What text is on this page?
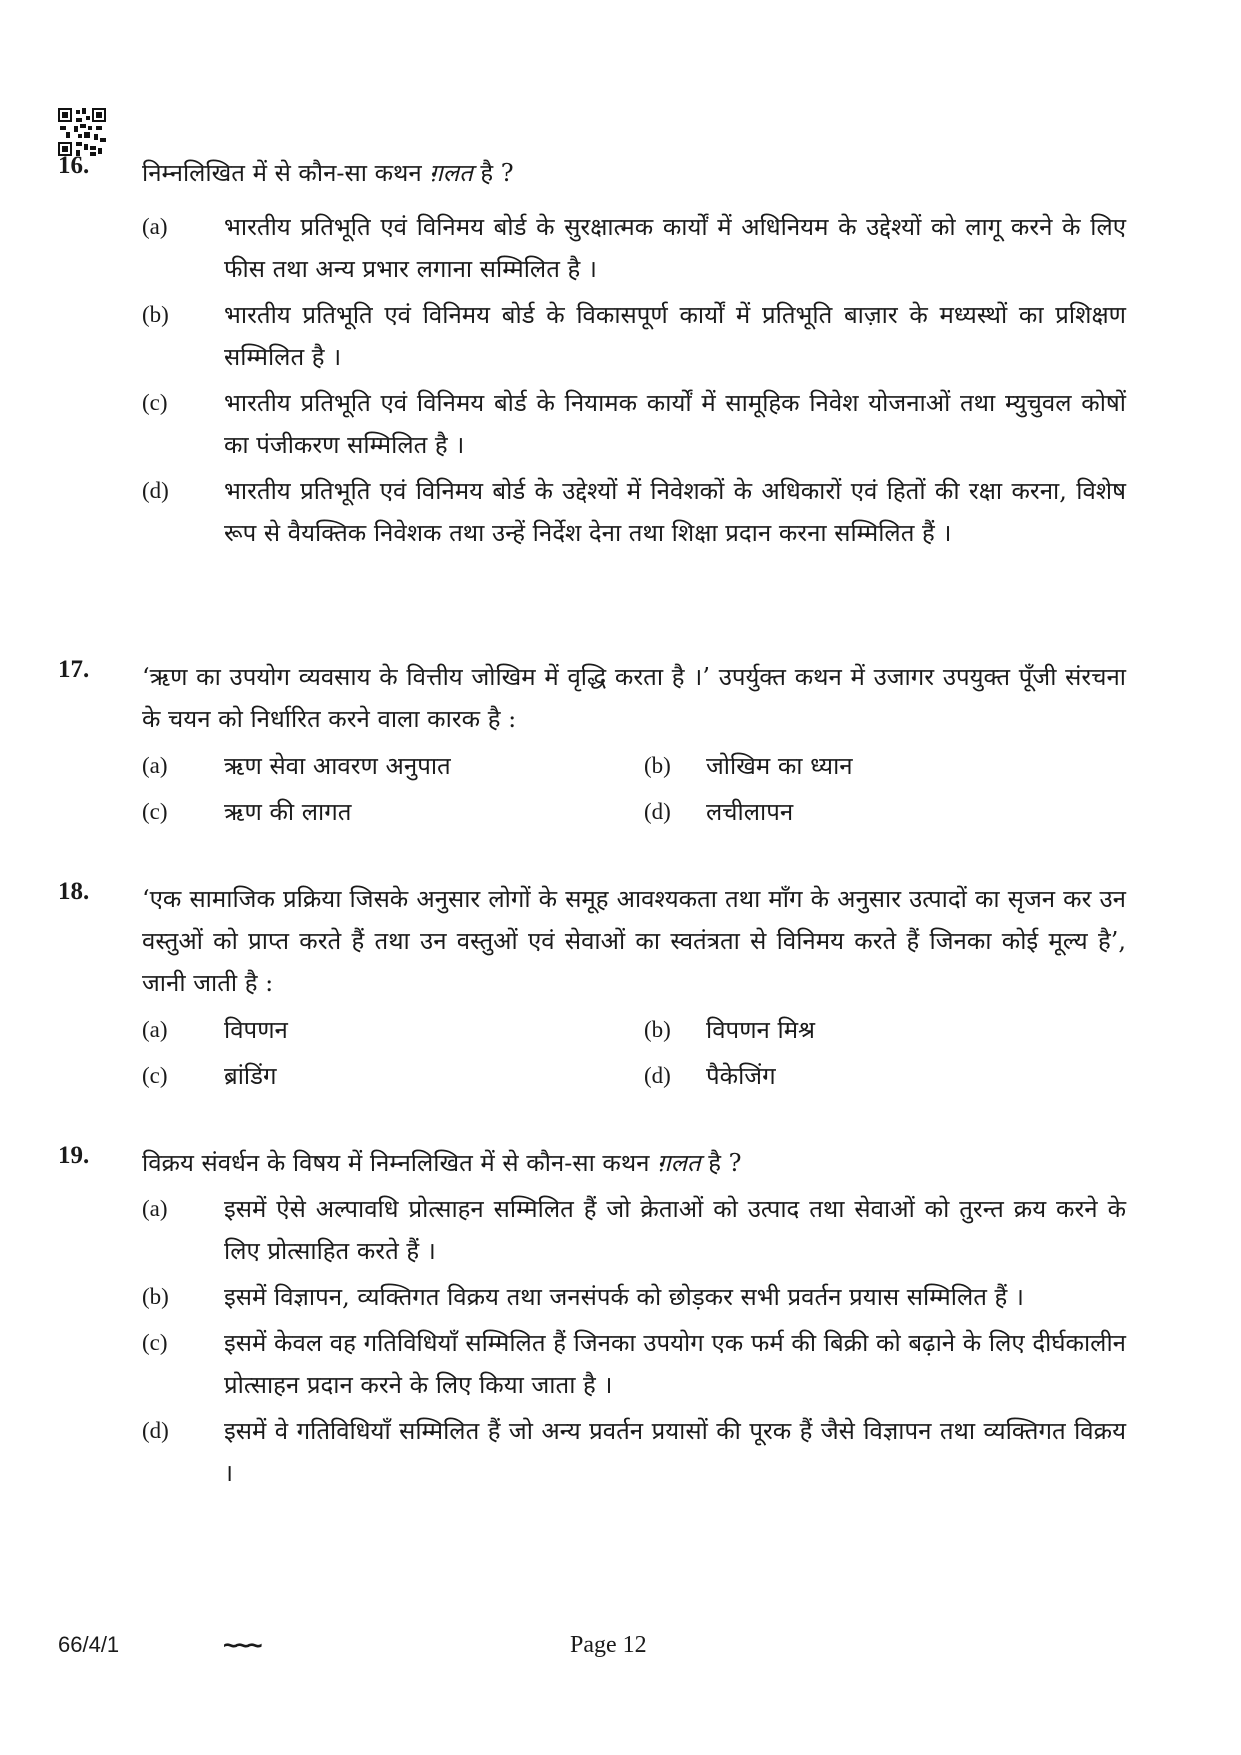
16. निम्नलिखित में से कौन-सा कथन ग़लत है ?
(a) भारतीय प्रतिभूति एवं विनिमय बोर्ड के सुरक्षात्मक कार्यों में अधिनियम के उद्देश्यों को लागू करने के लिए फीस तथा अन्य प्रभार लगाना सम्मिलित है ।
(b) भारतीय प्रतिभूति एवं विनिमय बोर्ड के विकासपूर्ण कार्यों में प्रतिभूति बाज़ार के मध्यस्थों का प्रशिक्षण सम्मिलित है ।
(c) भारतीय प्रतिभूति एवं विनिमय बोर्ड के नियामक कार्यों में सामूहिक निवेश योजनाओं तथा म्युचुवल कोषों का पंजीकरण सम्मिलित है ।
(d) भारतीय प्रतिभूति एवं विनिमय बोर्ड के उद्देश्यों में निवेशकों के अधिकारों एवं हितों की रक्षा करना, विशेष रूप से वैयक्तिक निवेशक तथा उन्हें निर्देश देना तथा शिक्षा प्रदान करना सम्मिलित हैं ।
17. ‘ऋण का उपयोग व्यवसाय के वित्तीय जोखिम में वृद्धि करता है ।’ उपर्युक्त कथन में उजागर उपयुक्त पूँजी संरचना के चयन को निर्धारित करने वाला कारक है :
(a) ऋण सेवा आवरण अनुपात	(b) जोखिम का ध्यान
(c) ऋण की लागत	(d) लचीलापन
18. ‘एक सामाजिक प्रक्रिया जिसके अनुसार लोगों के समूह आवश्यकता तथा माँग के अनुसार उत्पादों का सृजन कर उन वस्तुओं को प्राप्त करते हैं तथा उन वस्तुओं एवं सेवाओं का स्वतंत्रता से विनिमय करते हैं जिनका कोई मूल्य है’, जानी जाती है :
(a) विपणन	(b) विपणन मिश्र
(c) ब्रांडिंग	(d) पैकेजिंग
19. विक्रय संवर्धन के विषय में निम्नलिखित में से कौन-सा कथन ग़लत है ?
(a) इसमें ऐसे अल्पावधि प्रोत्साहन सम्मिलित हैं जो क्रेताओं को उत्पाद तथा सेवाओं को तुरन्त क्रय करने के लिए प्रोत्साहित करते हैं ।
(b) इसमें विज्ञापन, व्यक्तिगत विक्रय तथा जनसंपर्क को छोड़कर सभी प्रवर्तन प्रयास सम्मिलित हैं ।
(c) इसमें केवल वह गतिविधियाँ सम्मिलित हैं जिनका उपयोग एक फर्म की बिक्री को बढ़ाने के लिए दीर्घकालीन प्रोत्साहन प्रदान करने के लिए किया जाता है ।
(d) इसमें वे गतिविधियाँ सम्मिलित हैं जो अन्य प्रवर्तन प्रयासों की पूरक हैं जैसे विज्ञापन तथा व्यक्तिगत विक्रय ।
66/4/1	~~~	Page 12
